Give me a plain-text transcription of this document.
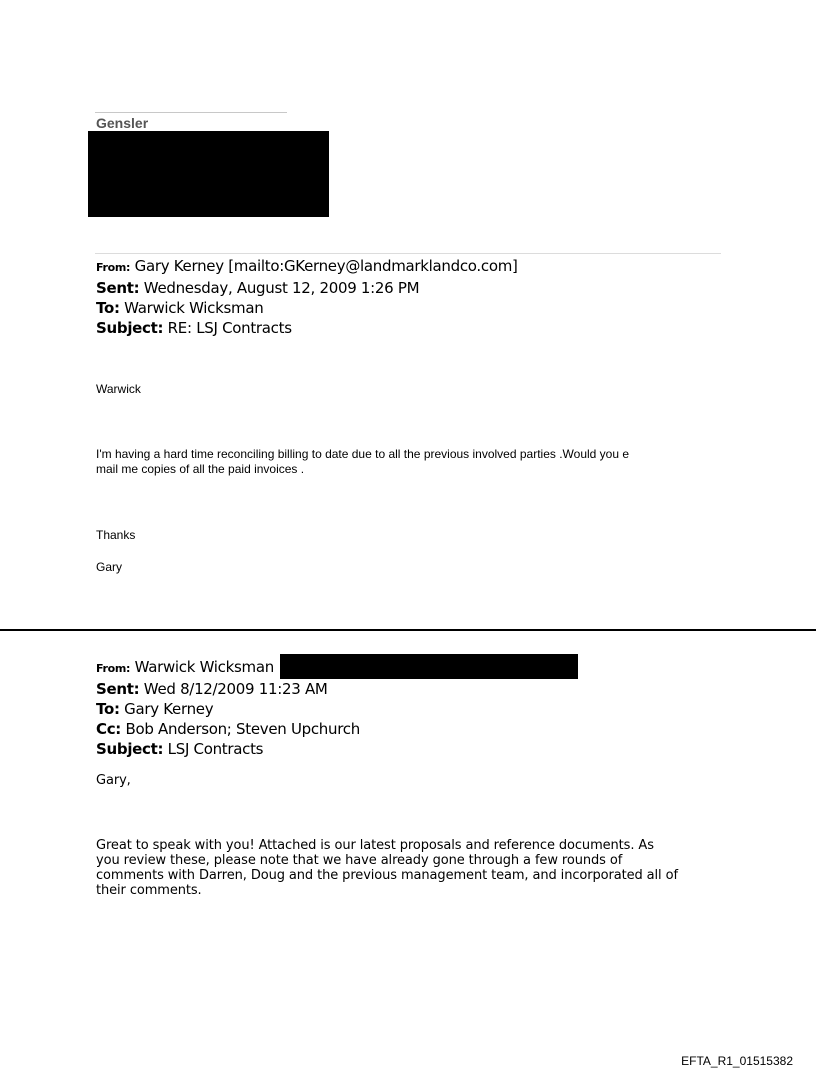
Gensler
From: Gary Kerney [mailto:GKerney@landmarklandco.com]
Sent: Wednesday, August 12, 2009 1:26 PM
To: Warwick Wicksman
Subject: RE: LSJ Contracts
Warwick
I'm having a hard time reconciling billing to date due to all the previous involved parties .Would you e
mail me copies of all the paid invoices .
Thanks
Gary
From: Warwick Wicksman
Sent: Wed 8/12/2009 11:23 AM
To: Gary Kerney
Cc: Bob Anderson; Steven Upchurch
Subject: LSJ Contracts
Gary,
Great to speak with you! Attached is our latest proposals and reference documents. As
you review these, please note that we have already gone through a few rounds of
comments with Darren, Doug and the previous management team, and incorporated all of
their comments.
EFTA_R1_01515382
